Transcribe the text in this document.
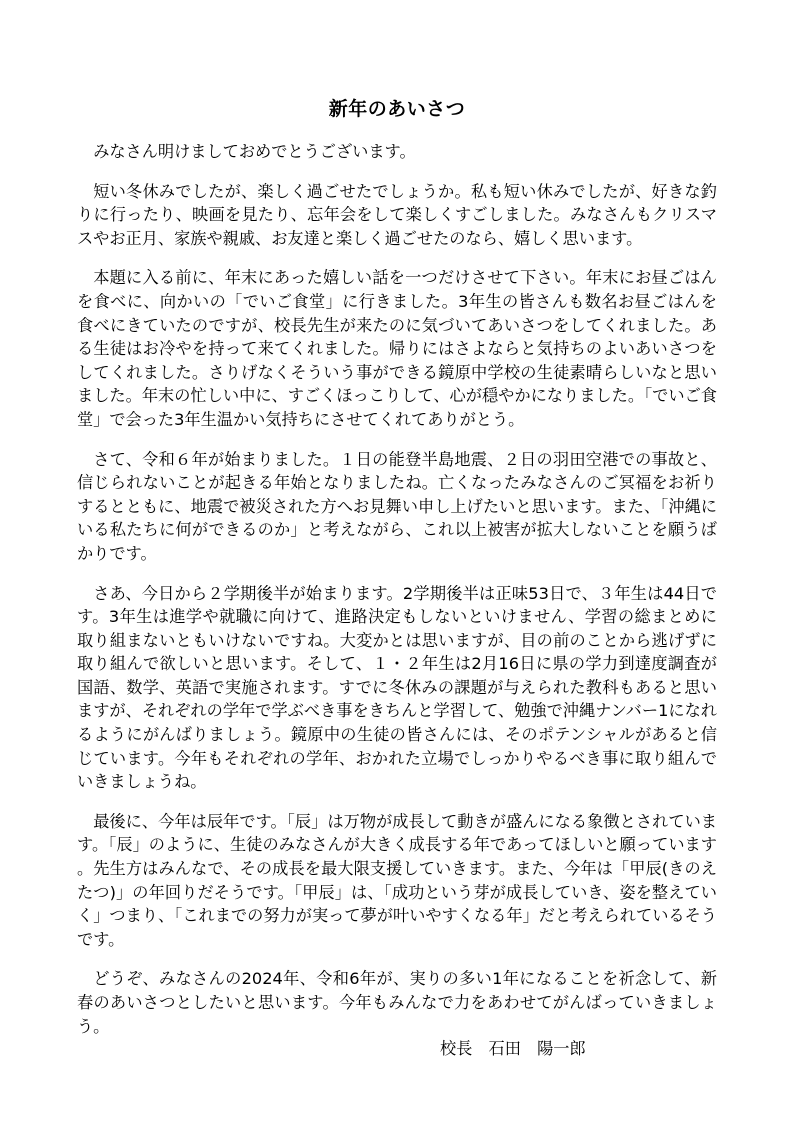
新年のあいさつ

みなさん明けましておめでとうございます。

短い冬休みでしたが、楽しく過ごせたでしょうか。私も短い休みでしたが、好きな釣りに行ったり、映画を見たり、忘年会をして楽しくすごしました。みなさんもクリスマスやお正月、家族や親戚、お友達と楽しく過ごせたのなら、嬉しく思います。

本題に入る前に、年末にあった嬉しい話を一つだけさせて下さい。年末にお昼ごはんを食べに、向かいの「でいご食堂」に行きました。3年生の皆さんも数名お昼ごはんを食べにきていたのですが、校長先生が来たのに気づいてあいさつをしてくれました。ある生徒はお冷やを持って来てくれました。帰りにはさよならと気持ちのよいあいさつをしてくれました。さりげなくそういう事ができる鏡原中学校の生徒素晴らしいなと思いました。年末の忙しい中に、すごくほっこりして、心が穏やかになりました。「でいご食堂」で会った3年生温かい気持ちにさせてくれてありがとう。

さて、令和６年が始まりました。１日の能登半島地震、２日の羽田空港での事故と、信じられないことが起きる年始となりましたね。亡くなったみなさんのご冥福をお祈りするとともに、地震で被災された方へお見舞い申し上げたいと思います。また、「沖縄にいる私たちに何ができるのか」と考えながら、これ以上被害が拡大しないことを願うばかりです。

さあ、今日から２学期後半が始まります。2学期後半は正味53日で、３年生は44日です。3年生は進学や就職に向けて、進路決定もしないといけません、学習の総まとめに取り組まないともいけないですね。大変かとは思いますが、目の前のことから逃げずに取り組んで欲しいと思います。そして、１・２年生は2月16日に県の学力到達度調査が国語、数学、英語で実施されます。すでに冬休みの課題が与えられた教科もあると思いますが、それぞれの学年で学ぶべき事をきちんと学習して、勉強で沖縄ナンバー1になれるようにがんばりましょう。鏡原中の生徒の皆さんには、そのポテンシャルがあると信じています。今年もそれぞれの学年、おかれた立場でしっかりやるべき事に取り組んでいきましょうね。

最後に、今年は辰年です。「辰」は万物が成長して動きが盛んになる象徴とされています。「辰」のように、生徒のみなさんが大きく成長する年であってほしいと願っています。先生方はみんなで、その成長を最大限支援していきます。また、今年は「甲辰(きのえたつ)」の年回りだそうです。「甲辰」は、「成功という芽が成長していき、姿を整えていく」つまり、「これまでの努力が実って夢が叶いやすくなる年」だと考えられているそうです。

どうぞ、みなさんの2024年、令和6年が、実りの多い1年になることを祈念して、新春のあいさつとしたいと思います。今年もみんなで力をあわせてがんばっていきましょう。

校長　石田　陽一郎
